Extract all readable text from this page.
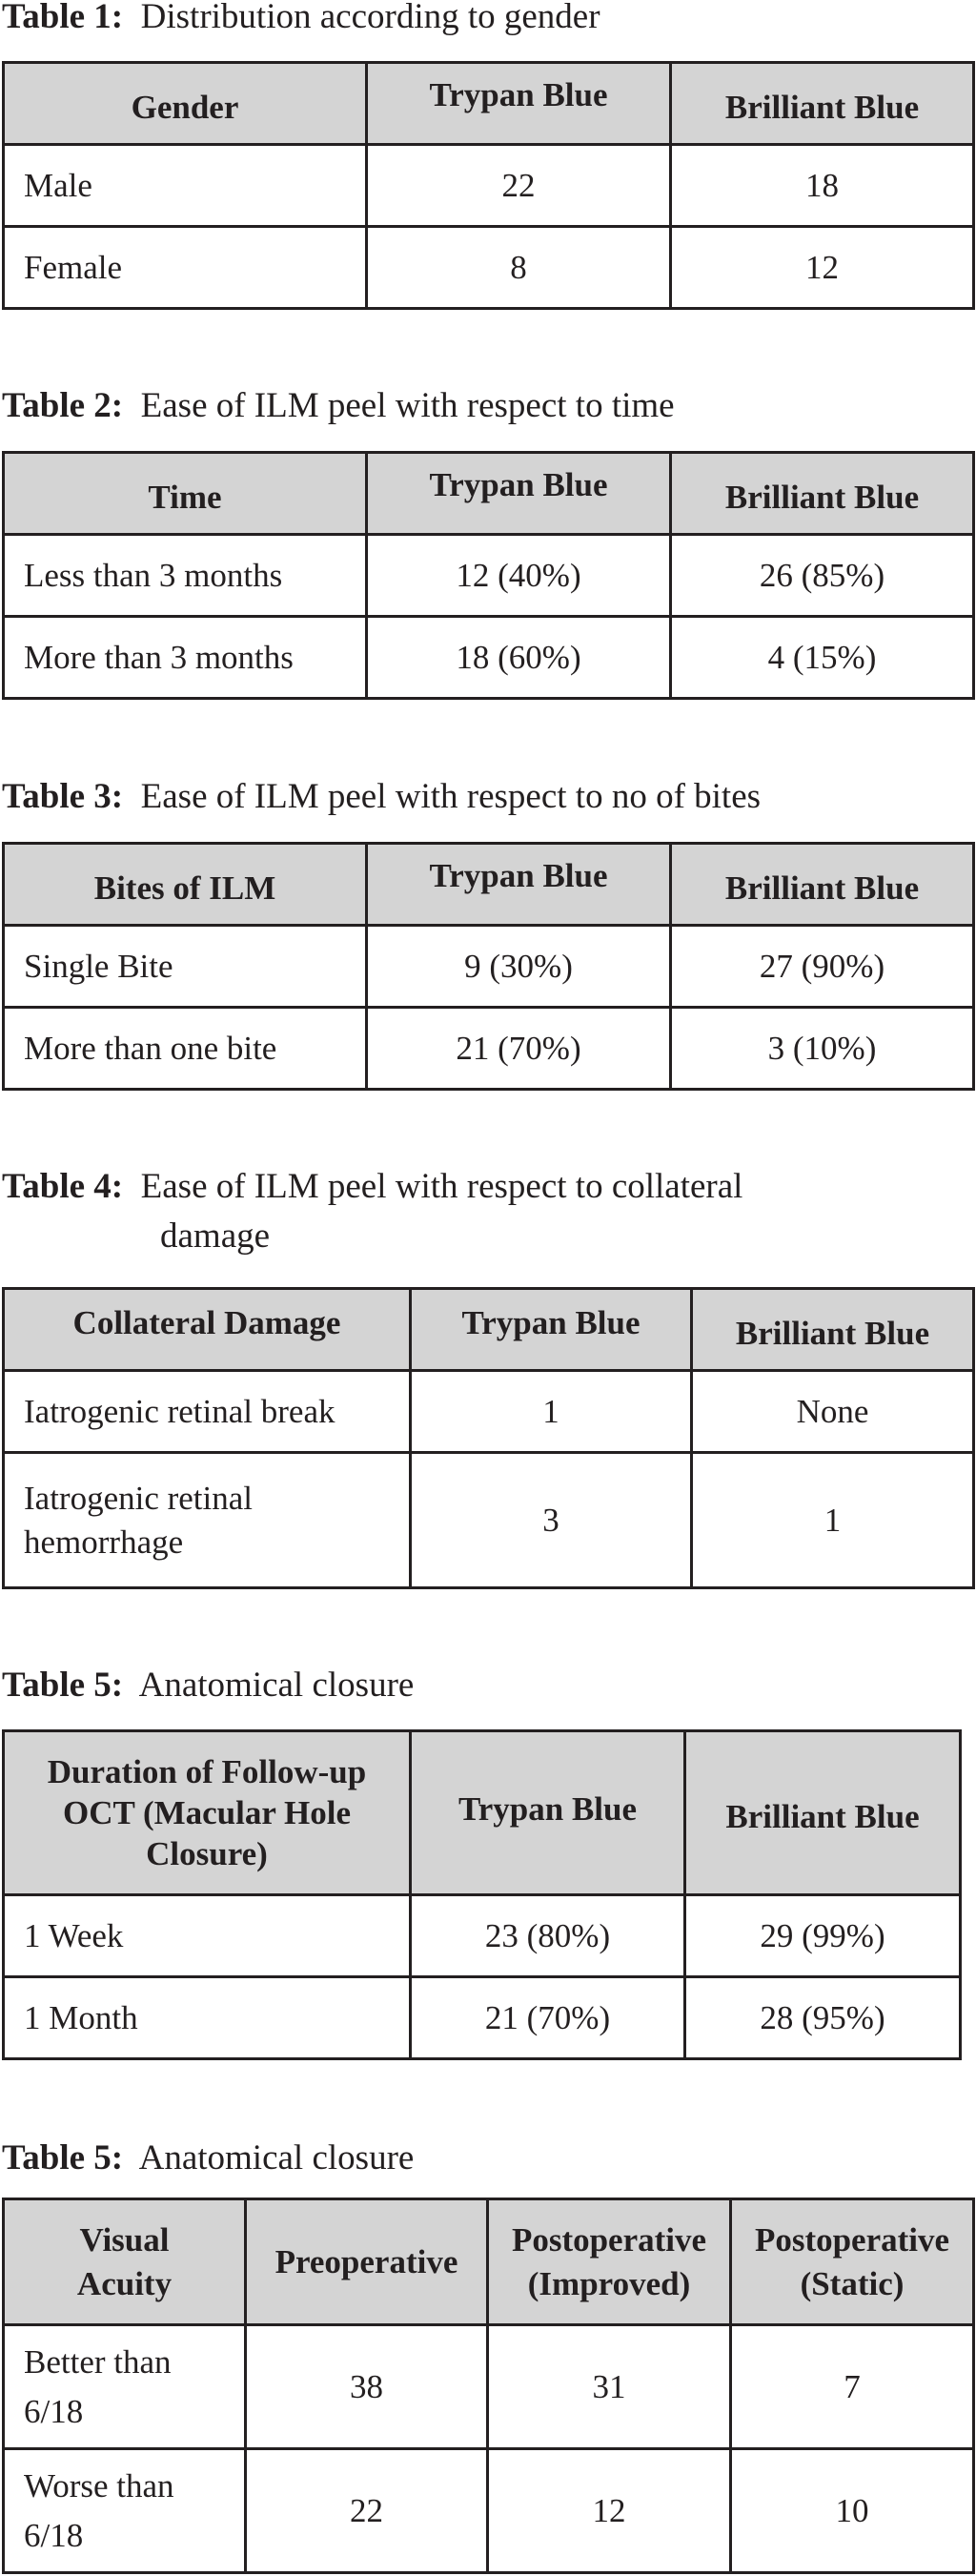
Table 1: Distribution according to gender
Gender	Trypan Blue	Brilliant Blue
Male	22	18
Female	8	12
Table 2: Ease of ILM peel with respect to time
Time	Trypan Blue	Brilliant Blue
Less than 3 months	12 (40%)	26 (85%)
More than 3 months	18 (60%)	4 (15%)
Table 3: Ease of ILM peel with respect to no of bites
Bites of ILM	Trypan Blue	Brilliant Blue
Single Bite	9 (30%)	27 (90%)
More than one bite	21 (70%)	3 (10%)
Table 4: Ease of ILM peel with respect to collateral
damage
Collateral Damage	Trypan Blue	Brilliant Blue
Iatrogenic retinal break	1	None
Iatrogenic retinal hemorrhage	3	1
Table 5: Anatomical closure
Duration of Follow-up OCT (Macular Hole Closure)	Trypan Blue	Brilliant Blue
1 Week	23 (80%)	29 (99%)
1 Month	21 (70%)	28 (95%)
Table 5: Anatomical closure
Visual Acuity	Preoperative	Postoperative (Improved)	Postoperative (Static)
Better than 6/18	38	31	7
Worse than 6/18	22	12	10
